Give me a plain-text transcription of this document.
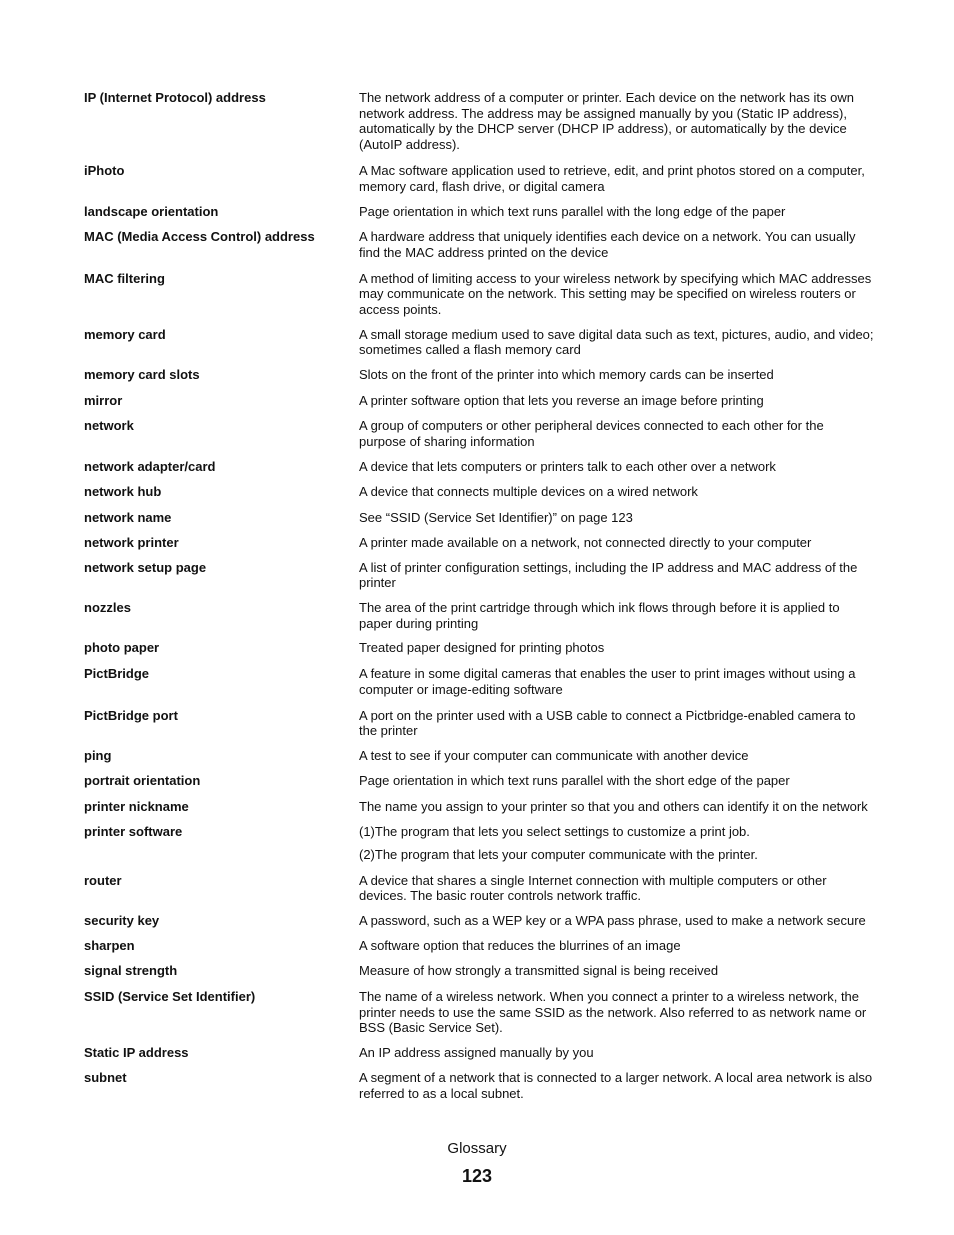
IP (Internet Protocol) address	The network address of a computer or printer. Each device on the network has its own network address. The address may be assigned manually by you (Static IP address), automatically by the DHCP server (DHCP IP address), or automatically by the device (AutoIP address).
iPhoto	A Mac software application used to retrieve, edit, and print photos stored on a computer, memory card, flash drive, or digital camera
landscape orientation	Page orientation in which text runs parallel with the long edge of the paper
MAC (Media Access Control) address	A hardware address that uniquely identifies each device on a network. You can usually find the MAC address printed on the device
MAC filtering	A method of limiting access to your wireless network by specifying which MAC addresses may communicate on the network. This setting may be specified on wireless routers or access points.
memory card	A small storage medium used to save digital data such as text, pictures, audio, and video; sometimes called a flash memory card
memory card slots	Slots on the front of the printer into which memory cards can be inserted
mirror	A printer software option that lets you reverse an image before printing
network	A group of computers or other peripheral devices connected to each other for the purpose of sharing information
network adapter/card	A device that lets computers or printers talk to each other over a network
network hub	A device that connects multiple devices on a wired network
network name	See “SSID (Service Set Identifier)” on page 123
network printer	A printer made available on a network, not connected directly to your computer
network setup page	A list of printer configuration settings, including the IP address and MAC address of the printer
nozzles	The area of the print cartridge through which ink flows through before it is applied to paper during printing
photo paper	Treated paper designed for printing photos
PictBridge	A feature in some digital cameras that enables the user to print images without using a computer or image-editing software
PictBridge port	A port on the printer used with a USB cable to connect a Pictbridge-enabled camera to the printer
ping	A test to see if your computer can communicate with another device
portrait orientation	Page orientation in which text runs parallel with the short edge of the paper
printer nickname	The name you assign to your printer so that you and others can identify it on the network
printer software	(1)The program that lets you select settings to customize a print job.
(2)The program that lets your computer communicate with the printer.
router	A device that shares a single Internet connection with multiple computers or other devices. The basic router controls network traffic.
security key	A password, such as a WEP key or a WPA pass phrase, used to make a network secure
sharpen	A software option that reduces the blurrines of an image
signal strength	Measure of how strongly a transmitted signal is being received
SSID (Service Set Identifier)	The name of a wireless network. When you connect a printer to a wireless network, the printer needs to use the same SSID as the network. Also referred to as network name or BSS (Basic Service Set).
Static IP address	An IP address assigned manually by you
subnet	A segment of a network that is connected to a larger network. A local area network is also referred to as a local subnet.
Glossary
123
